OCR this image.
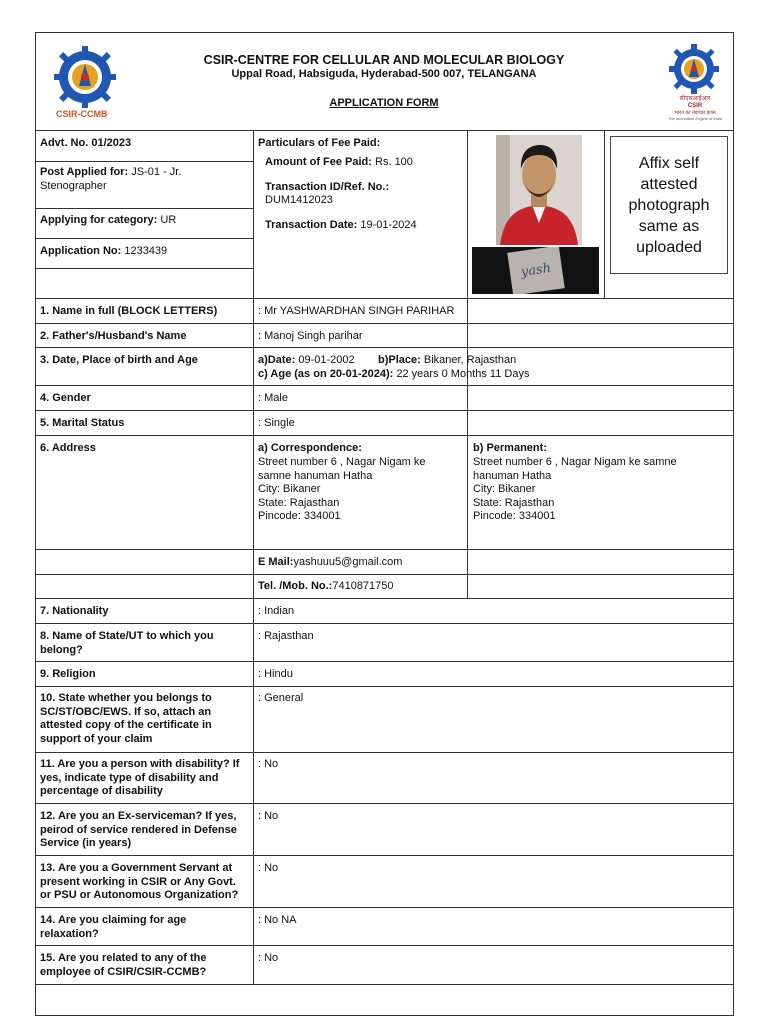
CSIR-CCMB
सीएसआईआर
CSIR
भारत का नवाचार इंजन
The Innovation Engine of India
CSIR-CENTRE FOR CELLULAR AND MOLECULAR BIOLOGY
Uppal Road, Habsiguda, Hyderabad-500 007, TELANGANA
APPLICATION FORM
Advt. No. 01/2023
Post Applied for: JS-01 - Jr. Stenographer
Applying for category: UR
Application No: 1233439
Particulars of Fee Paid:
Amount of Fee Paid: Rs. 100
Transaction ID/Ref. No.:
DUM1412023
Transaction Date: 19-01-2024
yash
Affix self
attested
photograph
same as
uploaded
1. Name in full (BLOCK LETTERS)	: Mr YASHWARDHAN SINGH PARIHAR
2. Father's/Husband's Name	: Manoj Singh parihar
3. Date, Place of birth and Age	a)Date: 09-01-2002 b)Place: Bikaner, Rajasthan
c) Age (as on 20-01-2024): 22 years 0 Months 11 Days
4. Gender	: Male
5. Marital Status	: Single
6. Address	a) Correspondence:
Street number 6 , Nagar Nigam ke
samne hanuman Hatha
City: Bikaner
State: Rajasthan
Pincode: 334001
b) Permanent:
Street number 6 , Nagar Nigam ke samne
hanuman Hatha
City: Bikaner
State: Rajasthan
Pincode: 334001
E Mail:yashuuu5@gmail.com
Tel. /Mob. No.:7410871750
7. Nationality	: Indian
8. Name of State/UT to which you
belong?
: Rajasthan
9. Religion	: Hindu
10. State whether you belongs to
SC/ST/OBC/EWS. If so, attach an
attested copy of the certificate in
support of your claim
: General
11. Are you a person with disability? If
yes, indicate type of disability and
percentage of disability
: No
12. Are you an Ex-serviceman? If yes,
peirod of service rendered in Defense
Service (in years)
: No
13. Are you a Government Servant at
present working in CSIR or Any Govt.
or PSU or Autonomous Organization?
: No
14. Are you claiming for age
relaxation?
: No NA
15. Are you related to any of the
employee of CSIR/CSIR-CCMB?
: No
